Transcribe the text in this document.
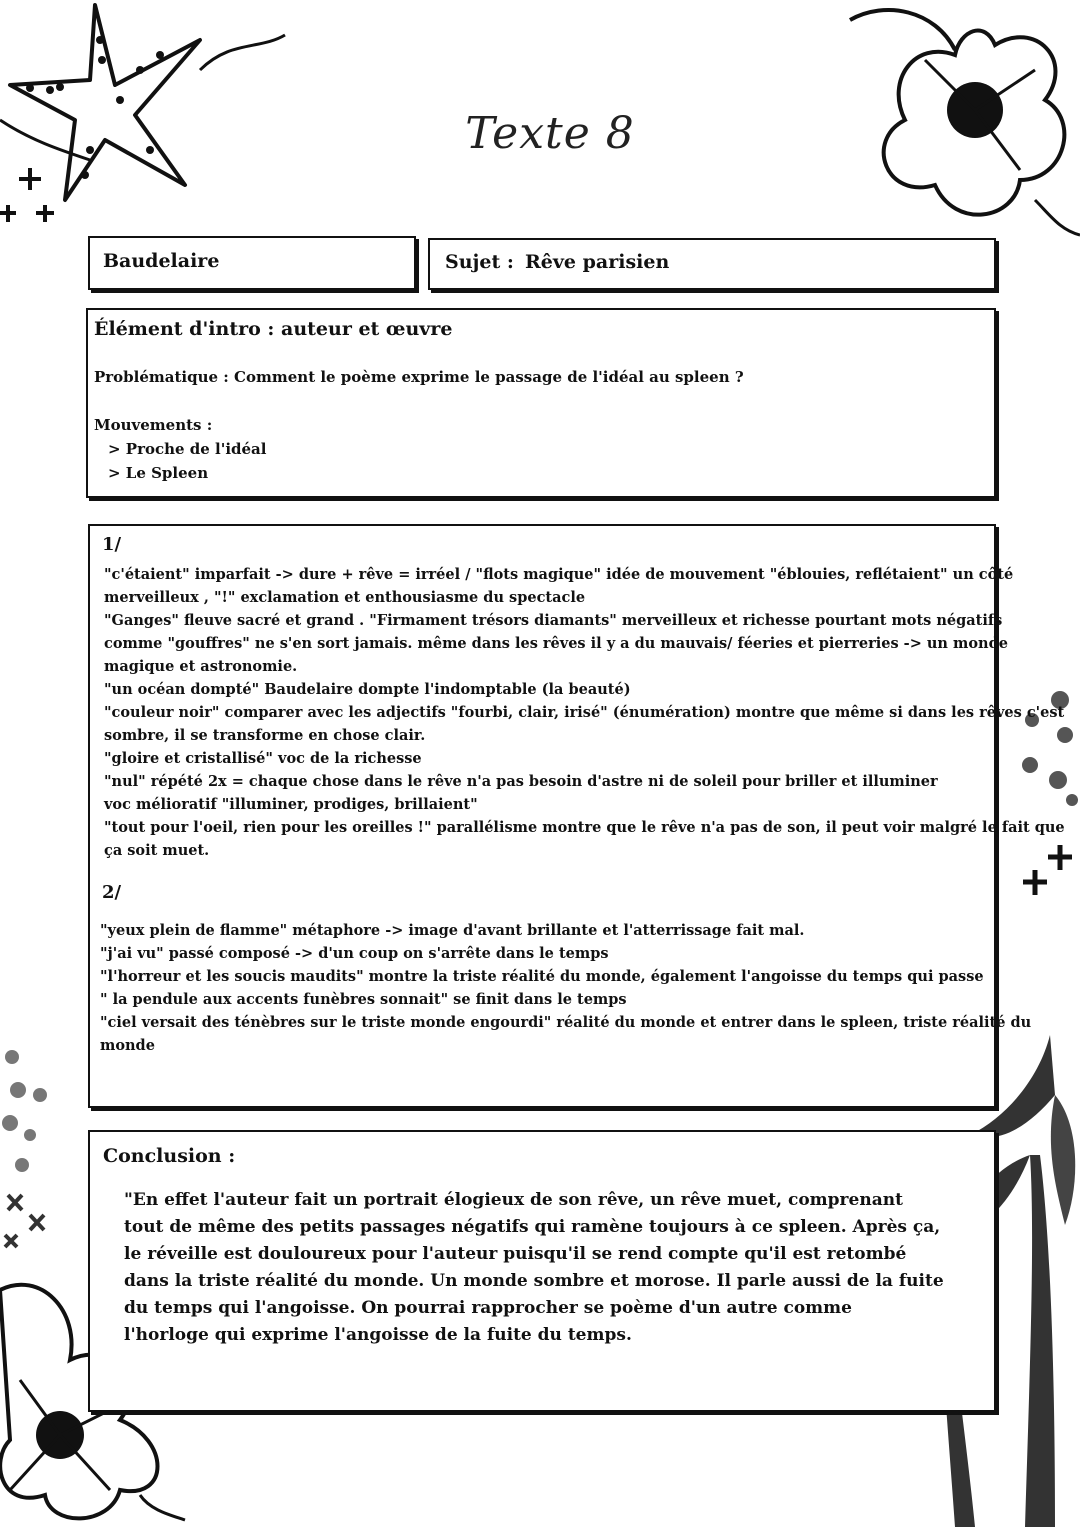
Texte 8
Baudelaire	Sujet : Rêve parisien
Élément d'intro : auteur et œuvre
Problématique : Comment le poème exprime le passage de l'idéal au spleen ?
Mouvements :
> Proche de l'idéal
> Le Spleen
1/
"c'étaient" imparfait -> dure + rêve = irréel / "flots magique" idée de mouvement "éblouies, reflétaient" un côté
merveilleux , "!" exclamation et enthousiasme du spectacle
"Ganges" fleuve sacré et grand . "Firmament trésors diamants" merveilleux et richesse pourtant mots négatifs
comme "gouffres" ne s'en sort jamais. même dans les rêves il y a du mauvais/ féeries et pierreries -> un monde
magique et astronomie.
"un océan dompté" Baudelaire dompte l'indomptable (la beauté)
"couleur noir" comparer avec les adjectifs "fourbi, clair, irisé" (énumération) montre que même si dans les rêves c'est
sombre, il se transforme en chose clair.
"gloire et cristallisé" voc de la richesse
"nul" répété 2x = chaque chose dans le rêve n'a pas besoin d'astre ni de soleil pour briller et illuminer
voc mélioratif "illuminer, prodiges, brillaient"
"tout pour l'oeil, rien pour les oreilles !" parallélisme montre que le rêve n'a pas de son, il peut voir malgré le fait que
ça soit muet.
2/
"yeux plein de flamme" métaphore -> image d'avant brillante et l'atterrissage fait mal.
"j'ai vu" passé composé -> d'un coup on s'arrête dans le temps
"l'horreur et les soucis maudits" montre la triste réalité du monde, également l'angoisse du temps qui passe
" la pendule aux accents funèbres sonnait" se finit dans le temps
"ciel versait des ténèbres sur le triste monde engourdi" réalité du monde et entrer dans le spleen, triste réalité du
monde
Conclusion :
"En effet l'auteur fait un portrait élogieux de son rêve, un rêve muet, comprenant
tout de même des petits passages négatifs qui ramène toujours à ce spleen. Après ça,
le réveille est douloureux pour l'auteur puisqu'il se rend compte qu'il est retombé
dans la triste réalité du monde. Un monde sombre et morose. Il parle aussi de la fuite
du temps qui l'angoisse. On pourrai rapprocher se poème d'un autre comme
l'horloge qui exprime l'angoisse de la fuite du temps.
